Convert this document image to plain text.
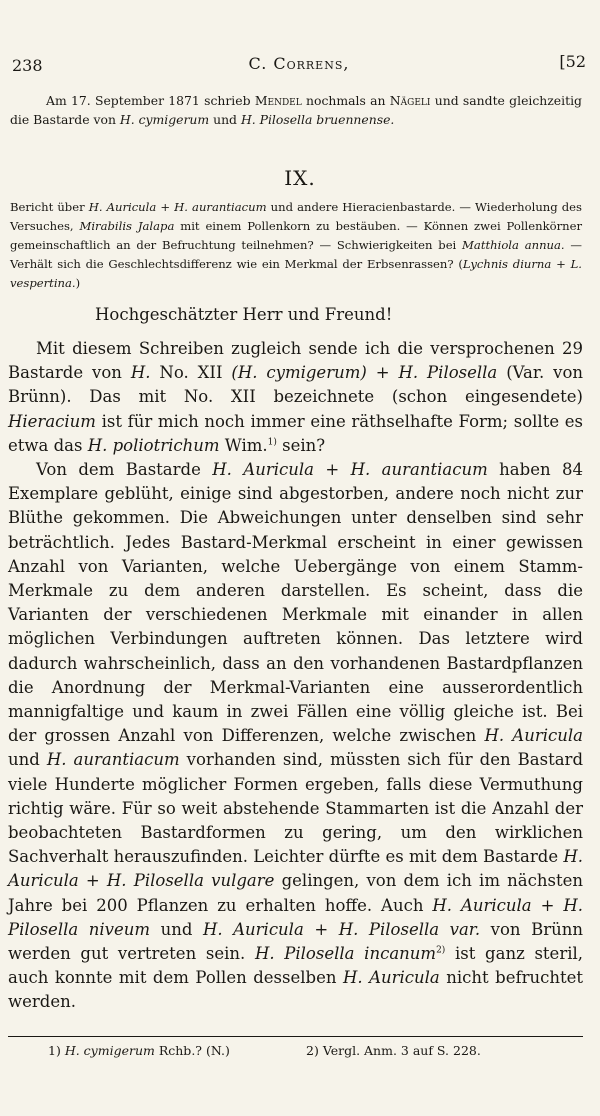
238	C. Correns,	[52

Am 17. September 1871 schrieb Mendel nochmals an Nägeli und sandte gleichzeitig die Bastarde von H. cymigerum und H. Pilosella bruennense.

IX.

Bericht über H. Auricula + H. aurantiacum und andere Hieracienbastarde. — Wiederholung des Versuches, Mirabilis Jalapa mit einem Pollenkorn zu bestäuben. — Können zwei Pollenkörner gemeinschaftlich an der Befruchtung teilnehmen? — Schwierigkeiten bei Matthiola annua. — Verhält sich die Geschlechtsdifferenz wie ein Merkmal der Erbsenrassen? (Lychnis diurna + L. vespertina.)

Hochgeschätzter Herr und Freund!

Mit diesem Schreiben zugleich sende ich die versprochenen 29 Bastarde von H. No. XII (H. cymigerum) + H. Pilosella (Var. von Brünn). Das mit No. XII bezeichnete (schon eingesendete) Hieracium ist für mich noch immer eine räthselhafte Form; sollte es etwa das H. poliotrichum Wim.$^{1)}$ sein?

Von dem Bastarde H. Auricula + H. aurantiacum haben 84 Exemplare geblüht, einige sind abgestorben, andere noch nicht zur Blüthe gekommen. Die Abweichungen unter denselben sind sehr beträchtlich. Jedes Bastard-Merkmal erscheint in einer gewissen Anzahl von Varianten, welche Uebergänge von einem Stamm-Merkmale zu dem anderen darstellen. Es scheint, dass die Varianten der verschiedenen Merkmale mit einander in allen möglichen Verbindungen auftreten können. Das letztere wird dadurch wahrscheinlich, dass an den vorhandenen Bastardpflanzen die Anordnung der Merkmal-Varianten eine ausserordentlich mannigfaltige und kaum in zwei Fällen eine völlig gleiche ist. Bei der grossen Anzahl von Differenzen, welche zwischen H. Auricula und H. aurantiacum vorhanden sind, müssten sich für den Bastard viele Hunderte möglicher Formen ergeben, falls diese Vermuthung richtig wäre. Für so weit abstehende Stammarten ist die Anzahl der beobachteten Bastardformen zu gering, um den wirklichen Sachverhalt herauszufinden. Leichter dürfte es mit dem Bastarde H. Auricula + H. Pilosella vulgare gelingen, von dem ich im nächsten Jahre bei 200 Pflanzen zu erhalten hoffe. Auch H. Auricula + H. Pilosella niveum und H. Auricula + H. Pilosella var. von Brünn werden gut vertreten sein. H. Pilosella incanum$^{2)}$ ist ganz steril, auch konnte mit dem Pollen desselben H. Auricula nicht befruchtet werden.

1) H. cymigerum Rchb.? (N.)	2) Vergl. Anm. 3 auf S. 228.
